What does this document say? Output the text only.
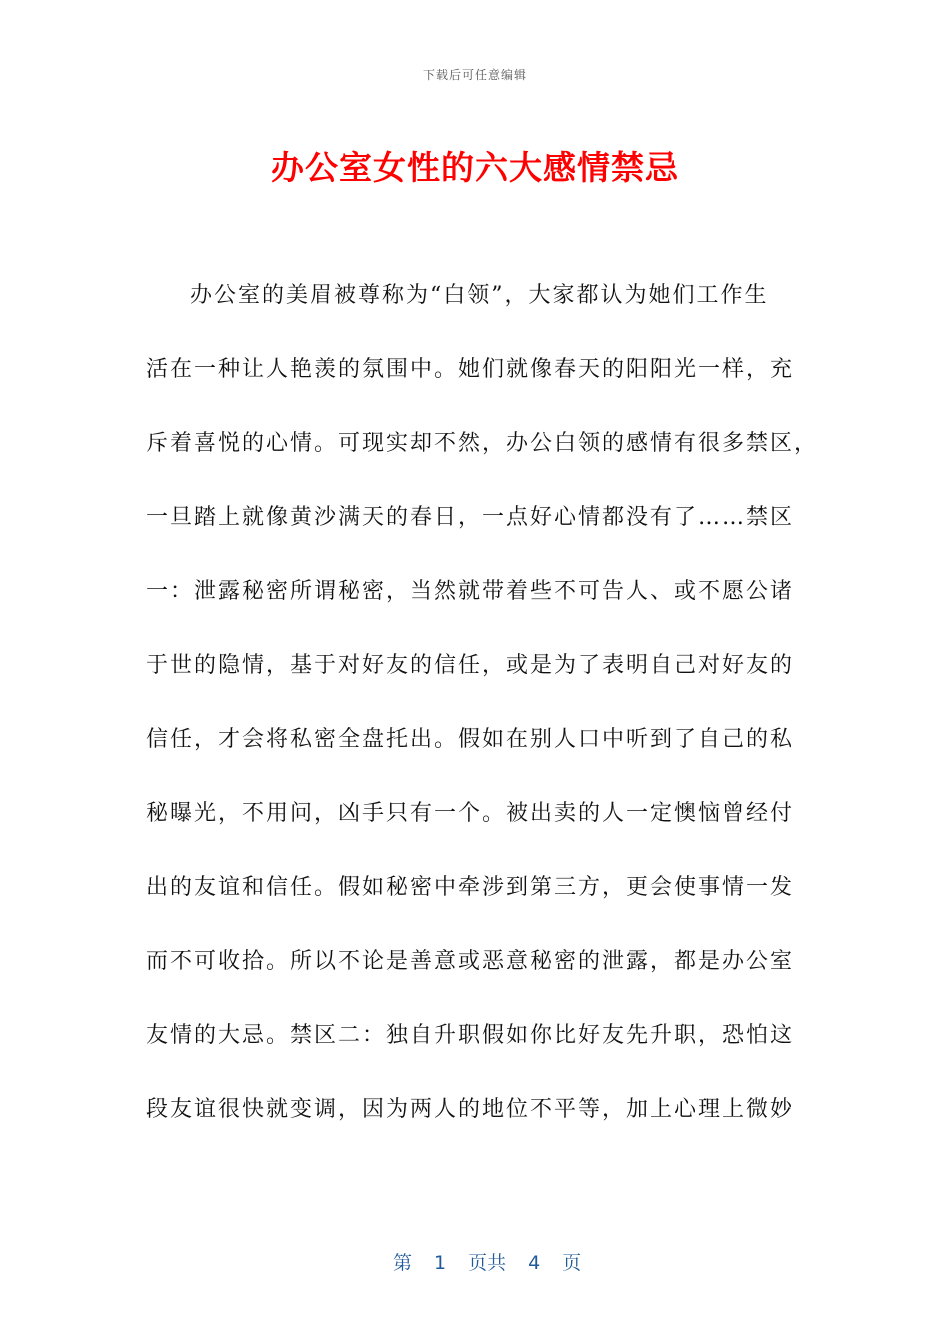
下载后可任意编辑
办公室女性的六大感情禁忌
办公室的美眉被尊称为“白领”，大家都认为她们工作生
活在一种让人艳羡的氛围中。她们就像春天的阳阳光一样，充
斥着喜悦的心情。可现实却不然，办公白领的感情有很多禁区，
一旦踏上就像黄沙满天的春日，一点好心情都没有了……禁区
一：泄露秘密所谓秘密，当然就带着些不可告人、或不愿公诸
于世的隐情，基于对好友的信任，或是为了表明自己对好友的
信任，才会将私密全盘托出。假如在别人口中听到了自己的私
秘曝光，不用问，凶手只有一个。被出卖的人一定懊恼曾经付
出的友谊和信任。假如秘密中牵涉到第三方，更会使事情一发
而不可收拾。所以不论是善意或恶意秘密的泄露，都是办公室
友情的大忌。禁区二：独自升职假如你比好友先升职，恐怕这
段友谊很快就变调，因为两人的地位不平等，加上心理上微妙

第 1 页共 4 页
